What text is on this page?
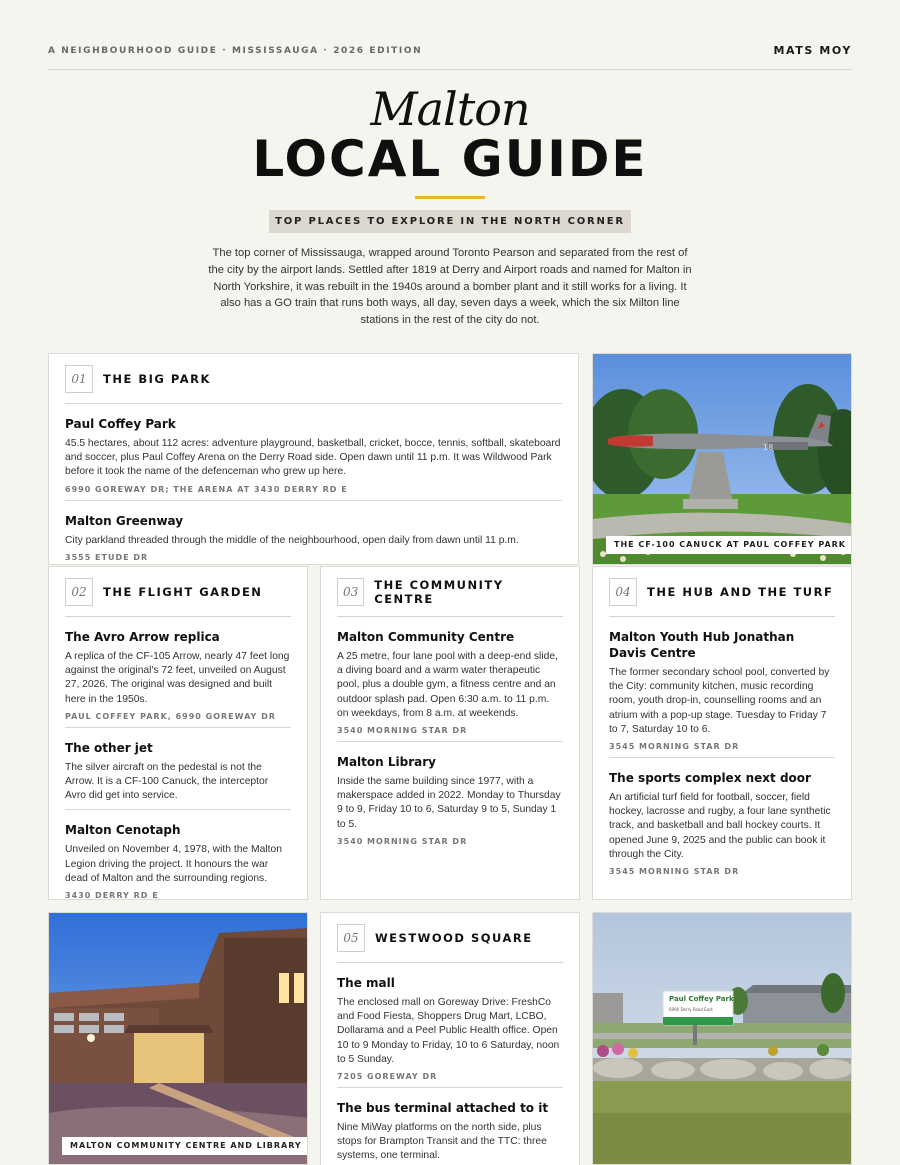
A NEIGHBOURHOOD GUIDE · MISSISSAUGA · 2026 EDITION	MATS MOY
Malton
LOCAL GUIDE
TOP PLACES TO EXPLORE IN THE NORTH CORNER
The top corner of Mississauga, wrapped around Toronto Pearson and separated from the rest of the city by the airport lands. Settled after 1819 at Derry and Airport roads and named for Malton in North Yorkshire, it was rebuilt in the 1940s around a bomber plant and it still works for a living. It also has a GO train that runs both ways, all day, seven days a week, which the six Milton line stations in the rest of the city do not.
01	THE BIG PARK
Paul Coffey Park

45.5 hectares, about 112 acres: adventure playground, basketball, cricket, bocce, tennis, softball, skateboard and soccer, plus Paul Coffey Arena on the Derry Road side. Open dawn until 11 p.m. It was Wildwood Park before it took the name of the defenceman who grew up here.

6990 GOREWAY DR; THE ARENA AT 3430 DERRY RD E
Malton Greenway

City parkland threaded through the middle of the neighbourhood, open daily from dawn until 11 p.m.

3555 ETUDE DR
18
THE CF-100 CANUCK AT PAUL COFFEY PARK
02	THE FLIGHT GARDEN
The Avro Arrow replica

A replica of the CF-105 Arrow, nearly 47 feet long against the original's 72 feet, unveiled on August 27, 2026. The original was designed and built here in the 1950s.

PAUL COFFEY PARK, 6990 GOREWAY DR
The other jet

The silver aircraft on the pedestal is not the Arrow. It is a CF-100 Canuck, the interceptor Avro did get into service.

Malton Cenotaph

Unveiled on November 4, 1978, with the Malton Legion driving the project. It honours the war dead of Malton and the surrounding regions.

3430 DERRY RD E
03	THE COMMUNITY CENTRE
Malton Community Centre

A 25 metre, four lane pool with a deep-end slide, a diving board and a warm water therapeutic pool, plus a double gym, a fitness centre and an outdoor splash pad. Open 6:30 a.m. to 11 p.m. on weekdays, from 8 a.m. at weekends.

3540 MORNING STAR DR
Malton Library

Inside the same building since 1977, with a makerspace added in 2022. Monday to Thursday 9 to 9, Friday 10 to 6, Saturday 9 to 5, Sunday 1 to 5.

3540 MORNING STAR DR
04	THE HUB AND THE TURF
Malton Youth Hub Jonathan Davis Centre

The former secondary school pool, converted by the City: community kitchen, music recording room, youth drop-in, counselling rooms and an atrium with a pop-up stage. Tuesday to Friday 7 to 7, Saturday 10 to 6.

3545 MORNING STAR DR
The sports complex next door

An artificial turf field for football, soccer, field hockey, lacrosse and rugby, a four lane synthetic track, and basketball and ball hockey courts. It opened June 9, 2025 and the public can book it through the City.

3545 MORNING STAR DR
MALTON COMMUNITY CENTRE AND LIBRARY
05	WESTWOOD SQUARE
The mall

The enclosed mall on Goreway Drive: FreshCo and Food Fiesta, Shoppers Drug Mart, LCBO, Dollarama and a Peel Public Health office. Open 10 to 9 Monday to Friday, 10 to 6 Saturday, noon to 5 Sunday.

7205 GOREWAY DR
The bus terminal attached to it

Nine MiWay platforms on the north side, plus stops for Brampton Transit and the TTC: three systems, one terminal.

Paul Coffey Park
6990 Derry Road East
